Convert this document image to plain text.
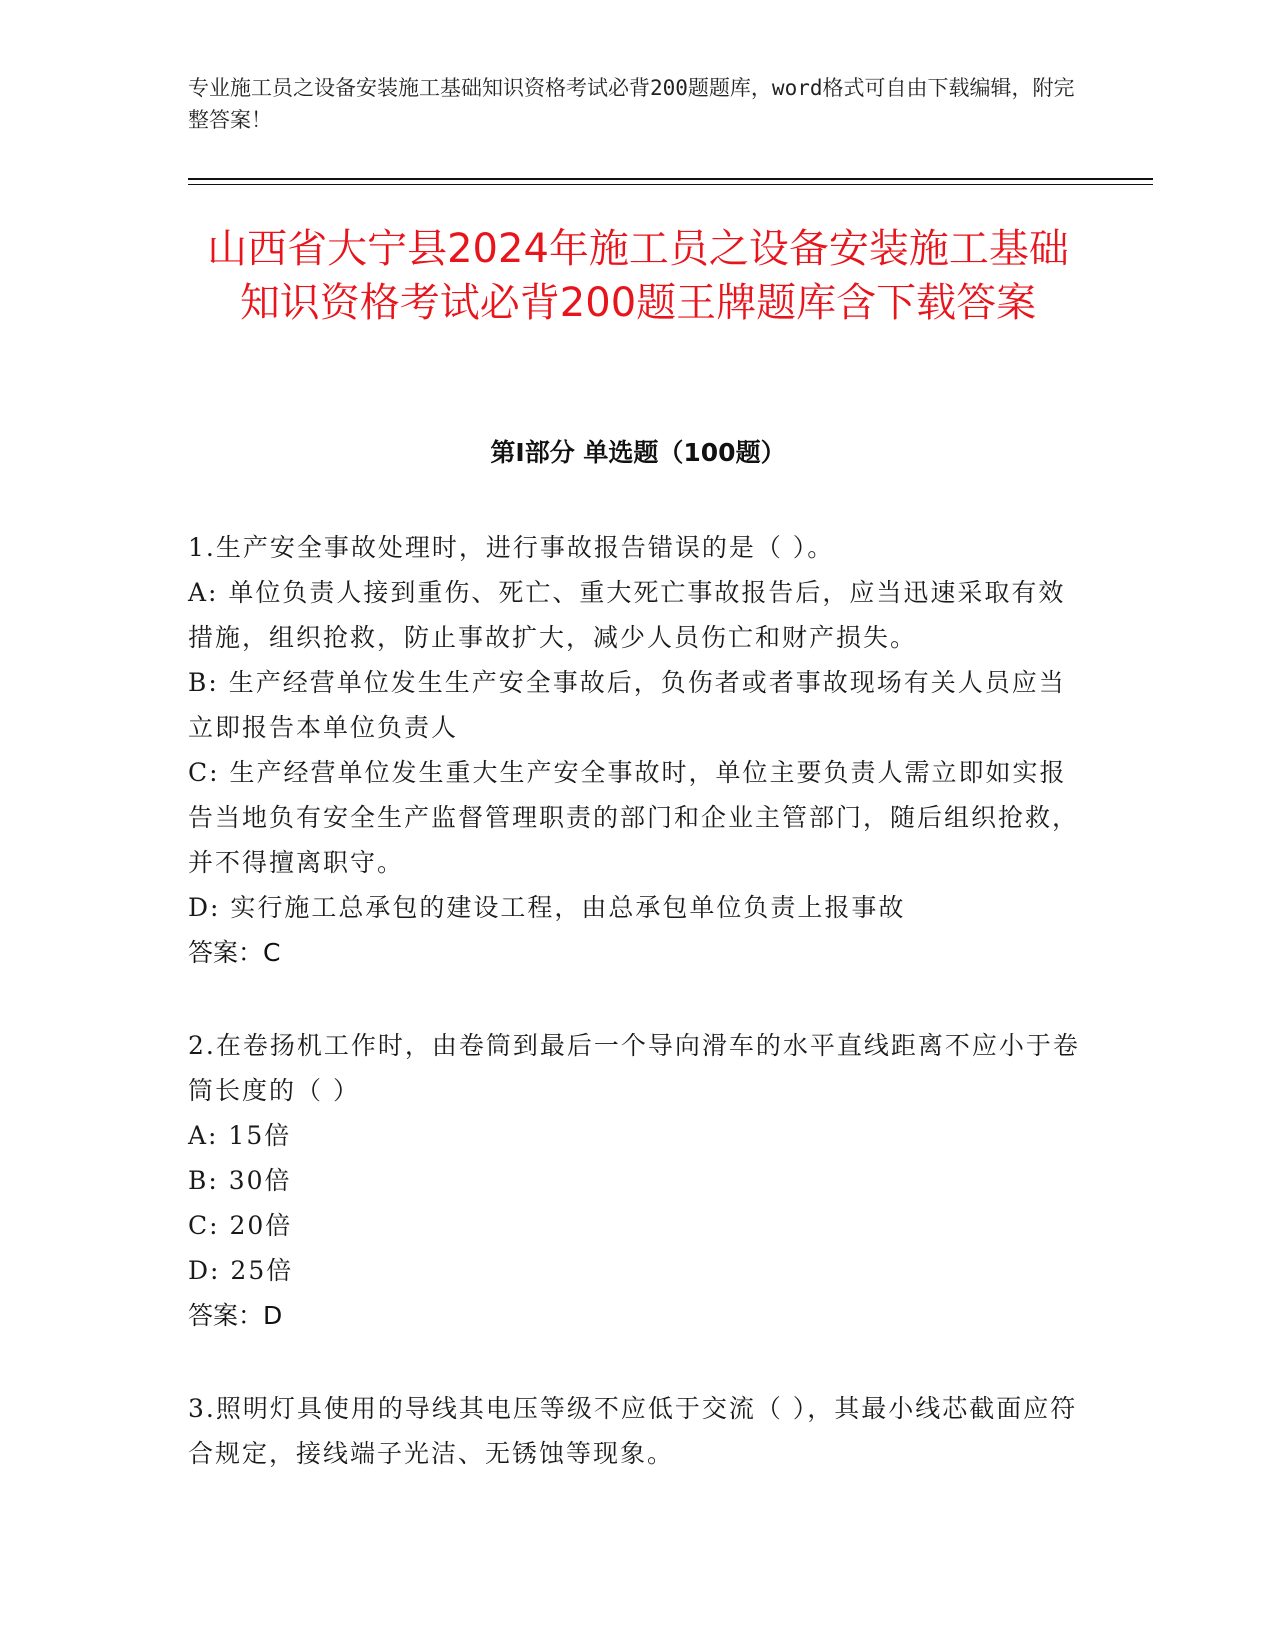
专业施工员之设备安装施工基础知识资格考试必背200题题库，word格式可自由下载编辑，附完整答案！
山西省大宁县2024年施工员之设备安装施工基础知识资格考试必背200题王牌题库含下载答案
第I部分 单选题（100题）

1.生产安全事故处理时，进行事故报告错误的是（ ）。

A: 单位负责人接到重伤、死亡、重大死亡事故报告后，应当迅速采取有效措施，组织抢救，防止事故扩大，减少人员伤亡和财产损失。

B: 生产经营单位发生生产安全事故后，负伤者或者事故现场有关人员应当立即报告本单位负责人

C: 生产经营单位发生重大生产安全事故时，单位主要负责人需立即如实报告当地负有安全生产监督管理职责的部门和企业主管部门，随后组织抢救，并不得擅离职守。

D: 实行施工总承包的建设工程，由总承包单位负责上报事故

答案：C

2.在卷扬机工作时，由卷筒到最后一个导向滑车的水平直线距离不应小于卷筒长度的（ ）

A: 15倍

B: 30倍

C: 20倍

D: 25倍

答案：D

3.照明灯具使用的导线其电压等级不应低于交流（ ），其最小线芯截面应符合规定，接线端子光洁、无锈蚀等现象。
